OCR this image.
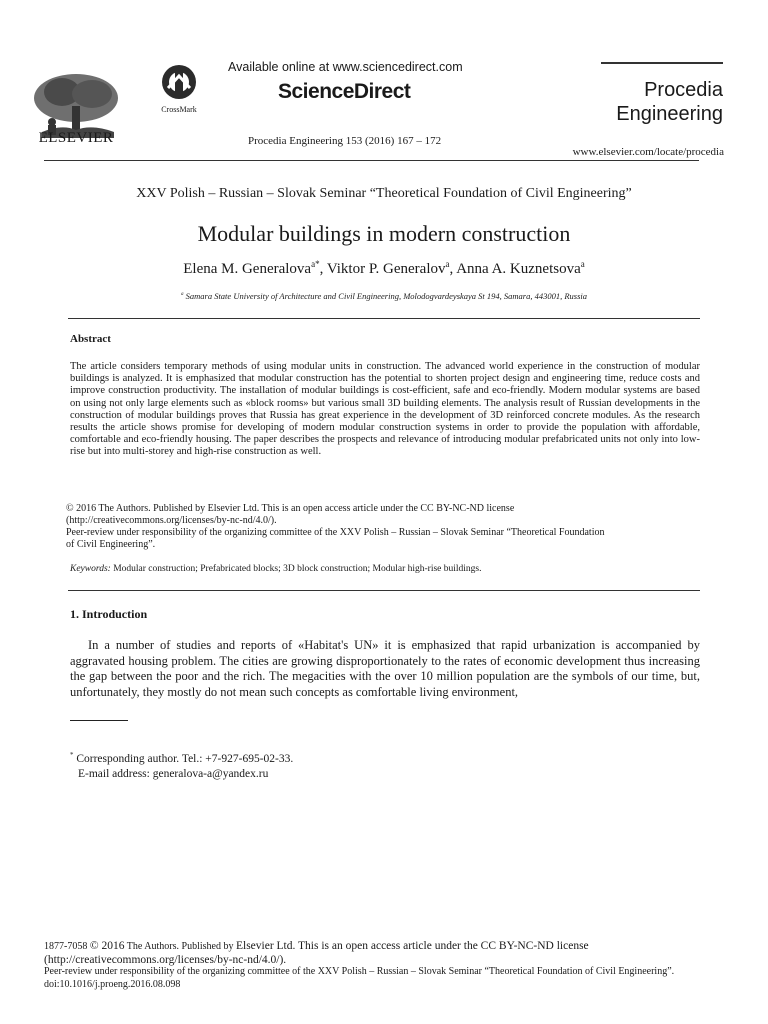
ELSEVIER
CrossMark
Available online at www.sciencedirect.com
ScienceDirect
Procedia Engineering 153 (2016) 167 – 172
Procedia
Engineering
www.elsevier.com/locate/procedia
XXV Polish – Russian – Slovak Seminar “Theoretical Foundation of Civil Engineering”
Modular buildings in modern construction
Elena M. Generalova$^{a*}$, Viktor P. Generalov$^a$, Anna A. Kuznetsova$^a$
$^a$ Samara State University of Architecture and Civil Engineering, Molodogvardeyskaya St 194, Samara, 443001, Russia
Abstract
The article considers temporary methods of using modular units in construction. The advanced world experience in the construction of modular buildings is analyzed. It is emphasized that modular construction has the potential to shorten project design and engineering time, reduce costs and improve construction productivity. The installation of modular buildings is cost-efficient, safe and eco-friendly. Modern modular systems are based on using not only large elements such as «block rooms» but various small 3D building elements. The analysis result of Russian developments in the construction of modular buildings proves that Russia has great experience in the development of 3D reinforced concrete modules. As the research results the article shows promise for developing of modern modular construction systems in order to provide the population with affordable, comfortable and eco-friendly housing. The paper describes the prospects and relevance of introducing modular prefabricated units not only into low-rise but into multi-storey and high-rise construction as well.
© 2016 The Authors. Published by Elsevier Ltd. This is an open access article under the CC BY-NC-ND license
(http://creativecommons.org/licenses/by-nc-nd/4.0/).
Peer-review under responsibility of the organizing committee of the XXV Polish – Russian – Slovak Seminar “Theoretical Foundation
of Civil Engineering”.
Keywords: Modular construction; Prefabricated blocks; 3D block construction; Modular high-rise buildings.
1. Introduction
In a number of studies and reports of «Habitat's UN» it is emphasized that rapid urbanization is accompanied by aggravated housing problem. The cities are growing disproportionately to the rates of economic development thus increasing the gap between the poor and the rich. The megacities with the over 10 million population are the symbols of our time, but, unfortunately, they mostly do not mean such concepts as comfortable living environment,
* Corresponding author. Tel.: +7-927-695-02-33.
E-mail address: generalova-a@yandex.ru
1877-7058 © 2016 The Authors. Published by Elsevier Ltd. This is an open access article under the CC BY-NC-ND license
(http://creativecommons.org/licenses/by-nc-nd/4.0/).
Peer-review under responsibility of the organizing committee of the XXV Polish – Russian – Slovak Seminar “Theoretical Foundation of Civil Engineering”.
doi:10.1016/j.proeng.2016.08.098
